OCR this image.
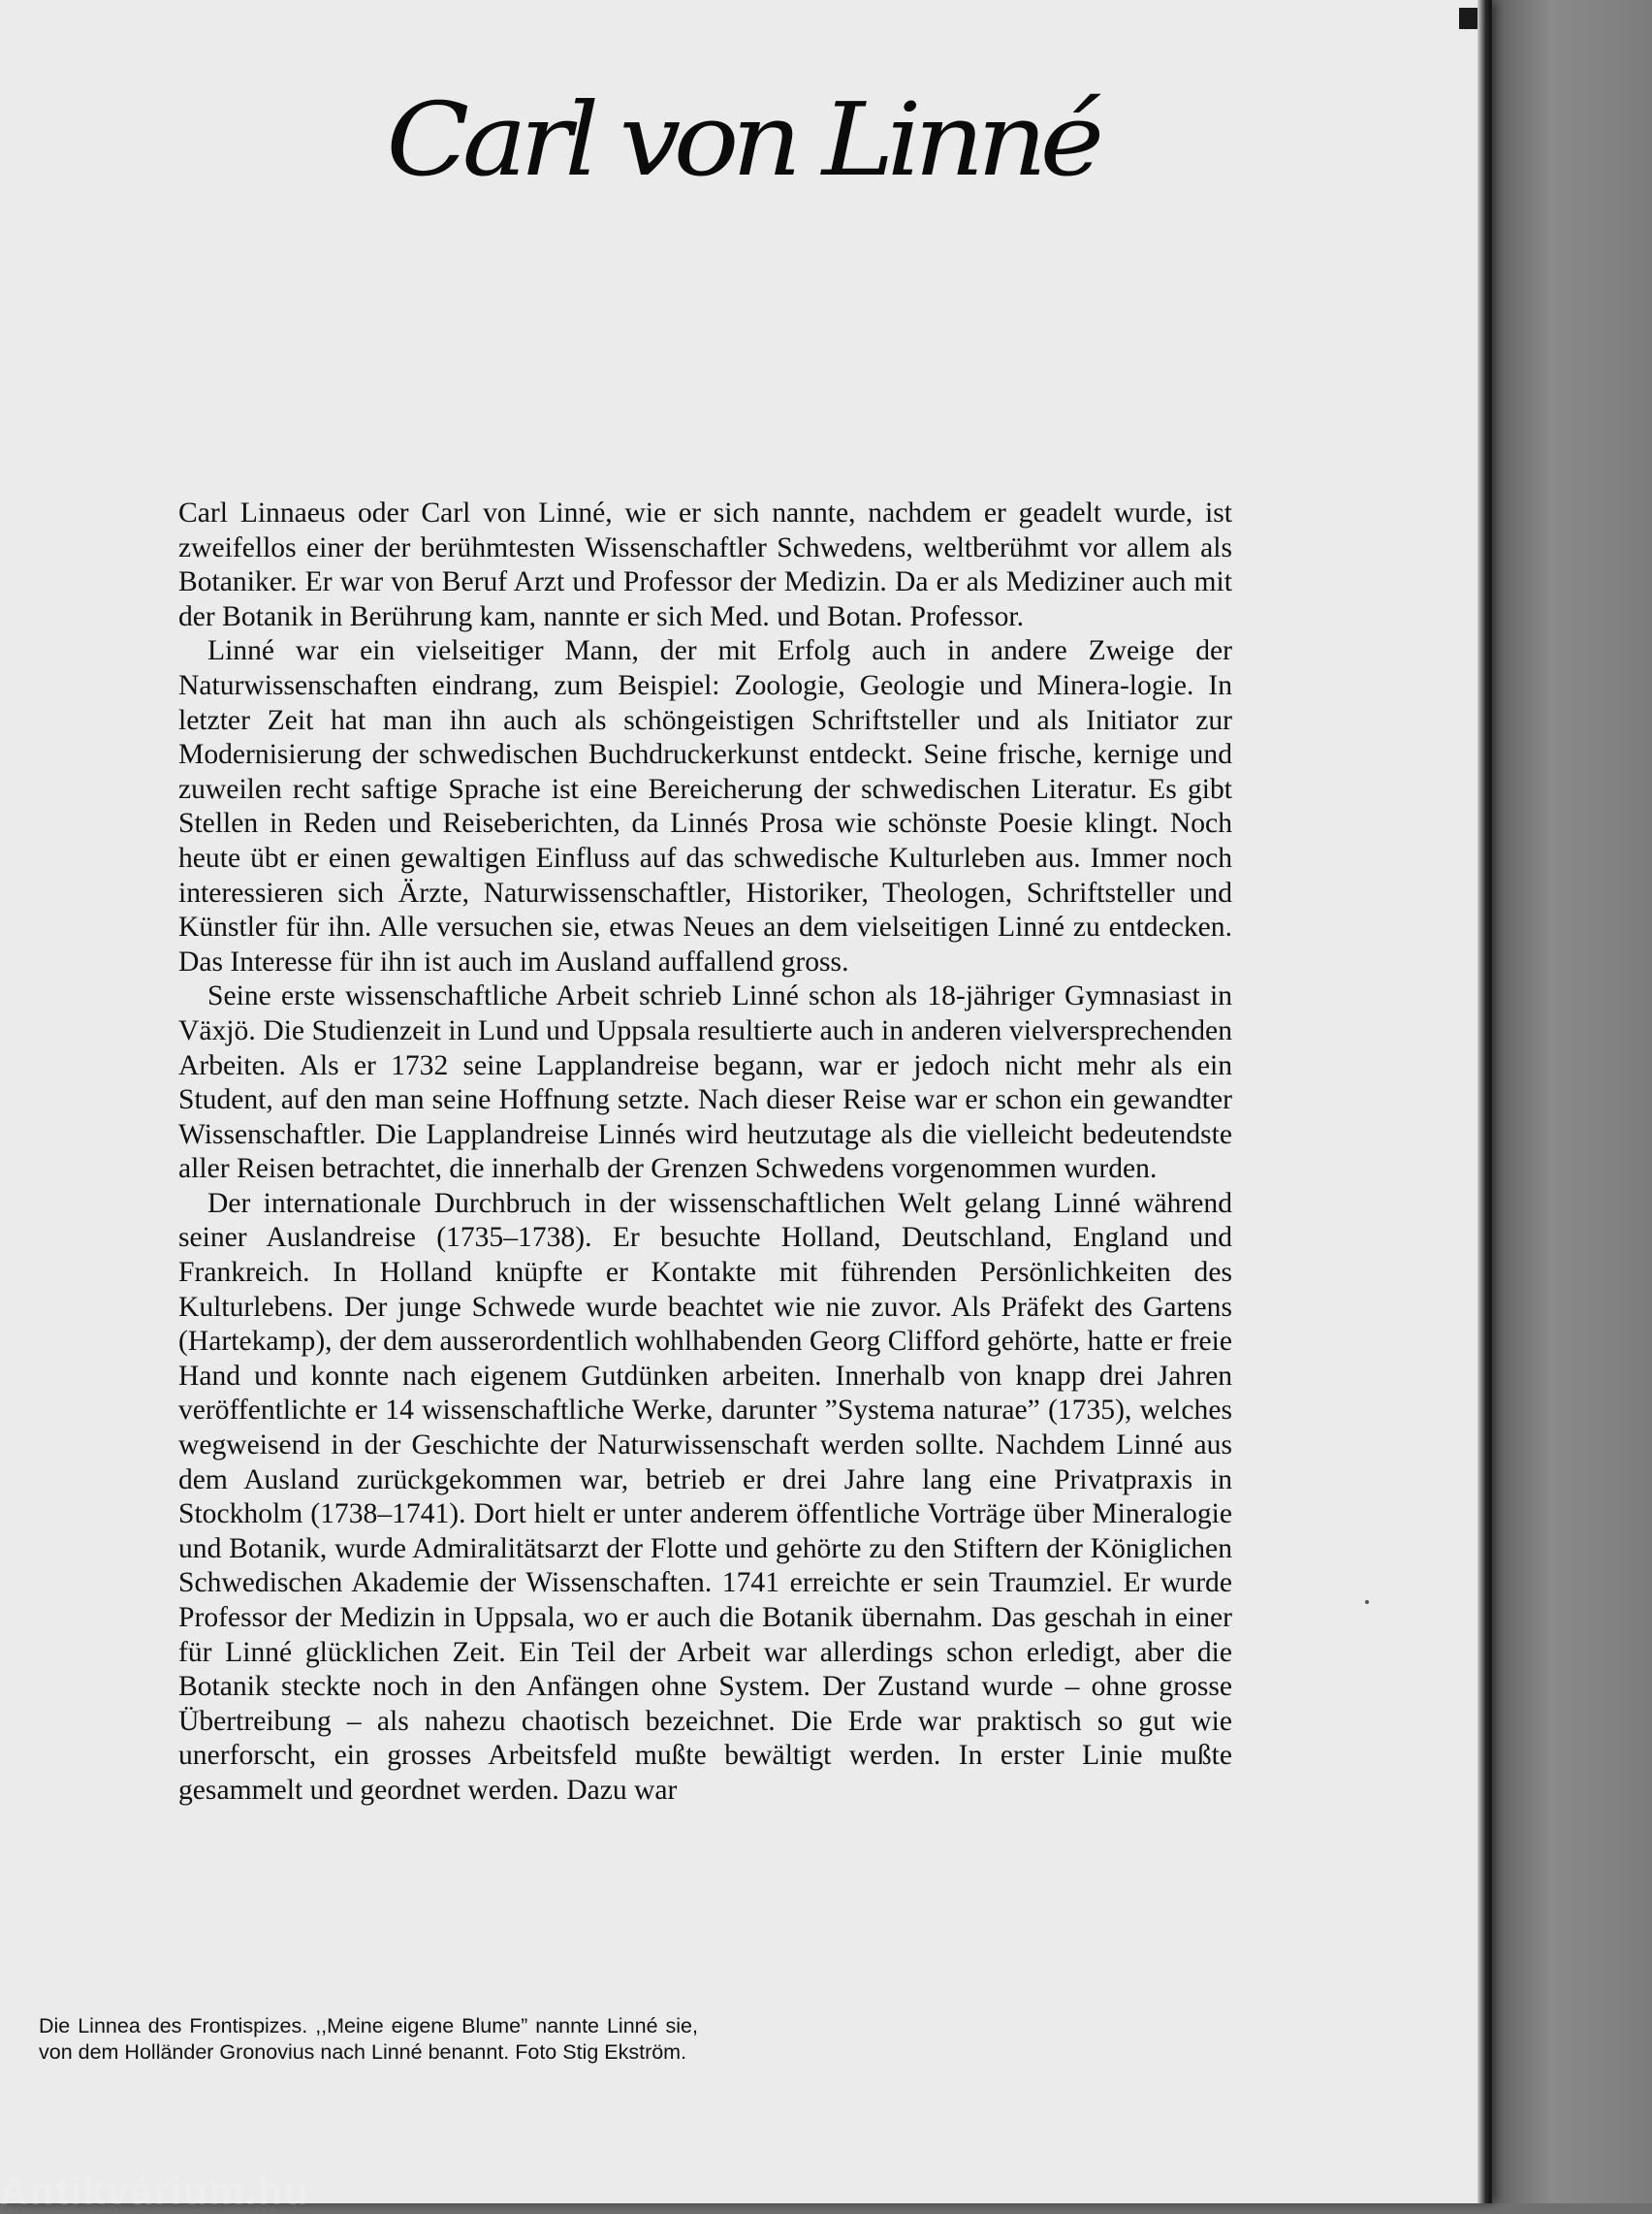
Carl von Linné

Carl Linnaeus oder Carl von Linné, wie er sich nannte, nachdem er geadelt wurde, ist zweifellos einer der berühmtesten Wissenschaftler Schwedens, weltberühmt vor allem als Botaniker. Er war von Beruf Arzt und Professor der Medizin. Da er als Mediziner auch mit der Botanik in Berührung kam, nannte er sich Med. und Botan. Professor.

Linné war ein vielseitiger Mann, der mit Erfolg auch in andere Zweige der Naturwissenschaften eindrang, zum Beispiel: Zoologie, Geologie und Minera-logie. In letzter Zeit hat man ihn auch als schöngeistigen Schriftsteller und als Initiator zur Modernisierung der schwedischen Buchdruckerkunst entdeckt. Seine frische, kernige und zuweilen recht saftige Sprache ist eine Bereicherung der schwedischen Literatur. Es gibt Stellen in Reden und Reiseberichten, da Linnés Prosa wie schönste Poesie klingt. Noch heute übt er einen gewaltigen Einfluss auf das schwedische Kulturleben aus. Immer noch interessieren sich Ärzte, Naturwissenschaftler, Historiker, Theologen, Schriftsteller und Künstler für ihn. Alle versuchen sie, etwas Neues an dem vielseitigen Linné zu entdecken. Das Interesse für ihn ist auch im Ausland auffallend gross.

Seine erste wissenschaftliche Arbeit schrieb Linné schon als 18-jähriger Gymnasiast in Växjö. Die Studienzeit in Lund und Uppsala resultierte auch in anderen vielversprechenden Arbeiten. Als er 1732 seine Lapplandreise begann, war er jedoch nicht mehr als ein Student, auf den man seine Hoffnung setzte. Nach dieser Reise war er schon ein gewandter Wissenschaftler. Die Lapplandreise Linnés wird heutzutage als die vielleicht bedeutendste aller Reisen betrachtet, die innerhalb der Grenzen Schwedens vorgenommen wurden.

Der internationale Durchbruch in der wissenschaftlichen Welt gelang Linné während seiner Auslandreise (1735–1738). Er besuchte Holland, Deutschland, England und Frankreich. In Holland knüpfte er Kontakte mit führenden Persönlichkeiten des Kulturlebens. Der junge Schwede wurde beachtet wie nie zuvor. Als Präfekt des Gartens (Hartekamp), der dem ausserordentlich wohlhabenden Georg Clifford gehörte, hatte er freie Hand und konnte nach eigenem Gutdünken arbeiten. Innerhalb von knapp drei Jahren veröffentlichte er 14 wissenschaftliche Werke, darunter ”Systema naturae” (1735), welches wegweisend in der Geschichte der Naturwissenschaft werden sollte. Nachdem Linné aus dem Ausland zurückgekommen war, betrieb er drei Jahre lang eine Privatpraxis in Stockholm (1738–1741). Dort hielt er unter anderem öffentliche Vorträge über Mineralogie und Botanik, wurde Admiralitätsarzt der Flotte und gehörte zu den Stiftern der Königlichen Schwedischen Akademie der Wissenschaften. 1741 erreichte er sein Traumziel. Er wurde Professor der Medizin in Uppsala, wo er auch die Botanik übernahm. Das geschah in einer für Linné glücklichen Zeit. Ein Teil der Arbeit war allerdings schon erledigt, aber die Botanik steckte noch in den Anfängen ohne System. Der Zustand wurde – ohne grosse Übertreibung – als nahezu chaotisch bezeichnet. Die Erde war praktisch so gut wie unerforscht, ein grosses Arbeitsfeld mußte bewältigt werden. In erster Linie mußte gesammelt und geordnet werden. Dazu war

Die Linnea des Frontispizes. ,,Meine eigene Blume” nannte Linné sie, von dem Holländer Gronovius nach Linné benannt. Foto Stig Ekström.
Antikvárium.hu
